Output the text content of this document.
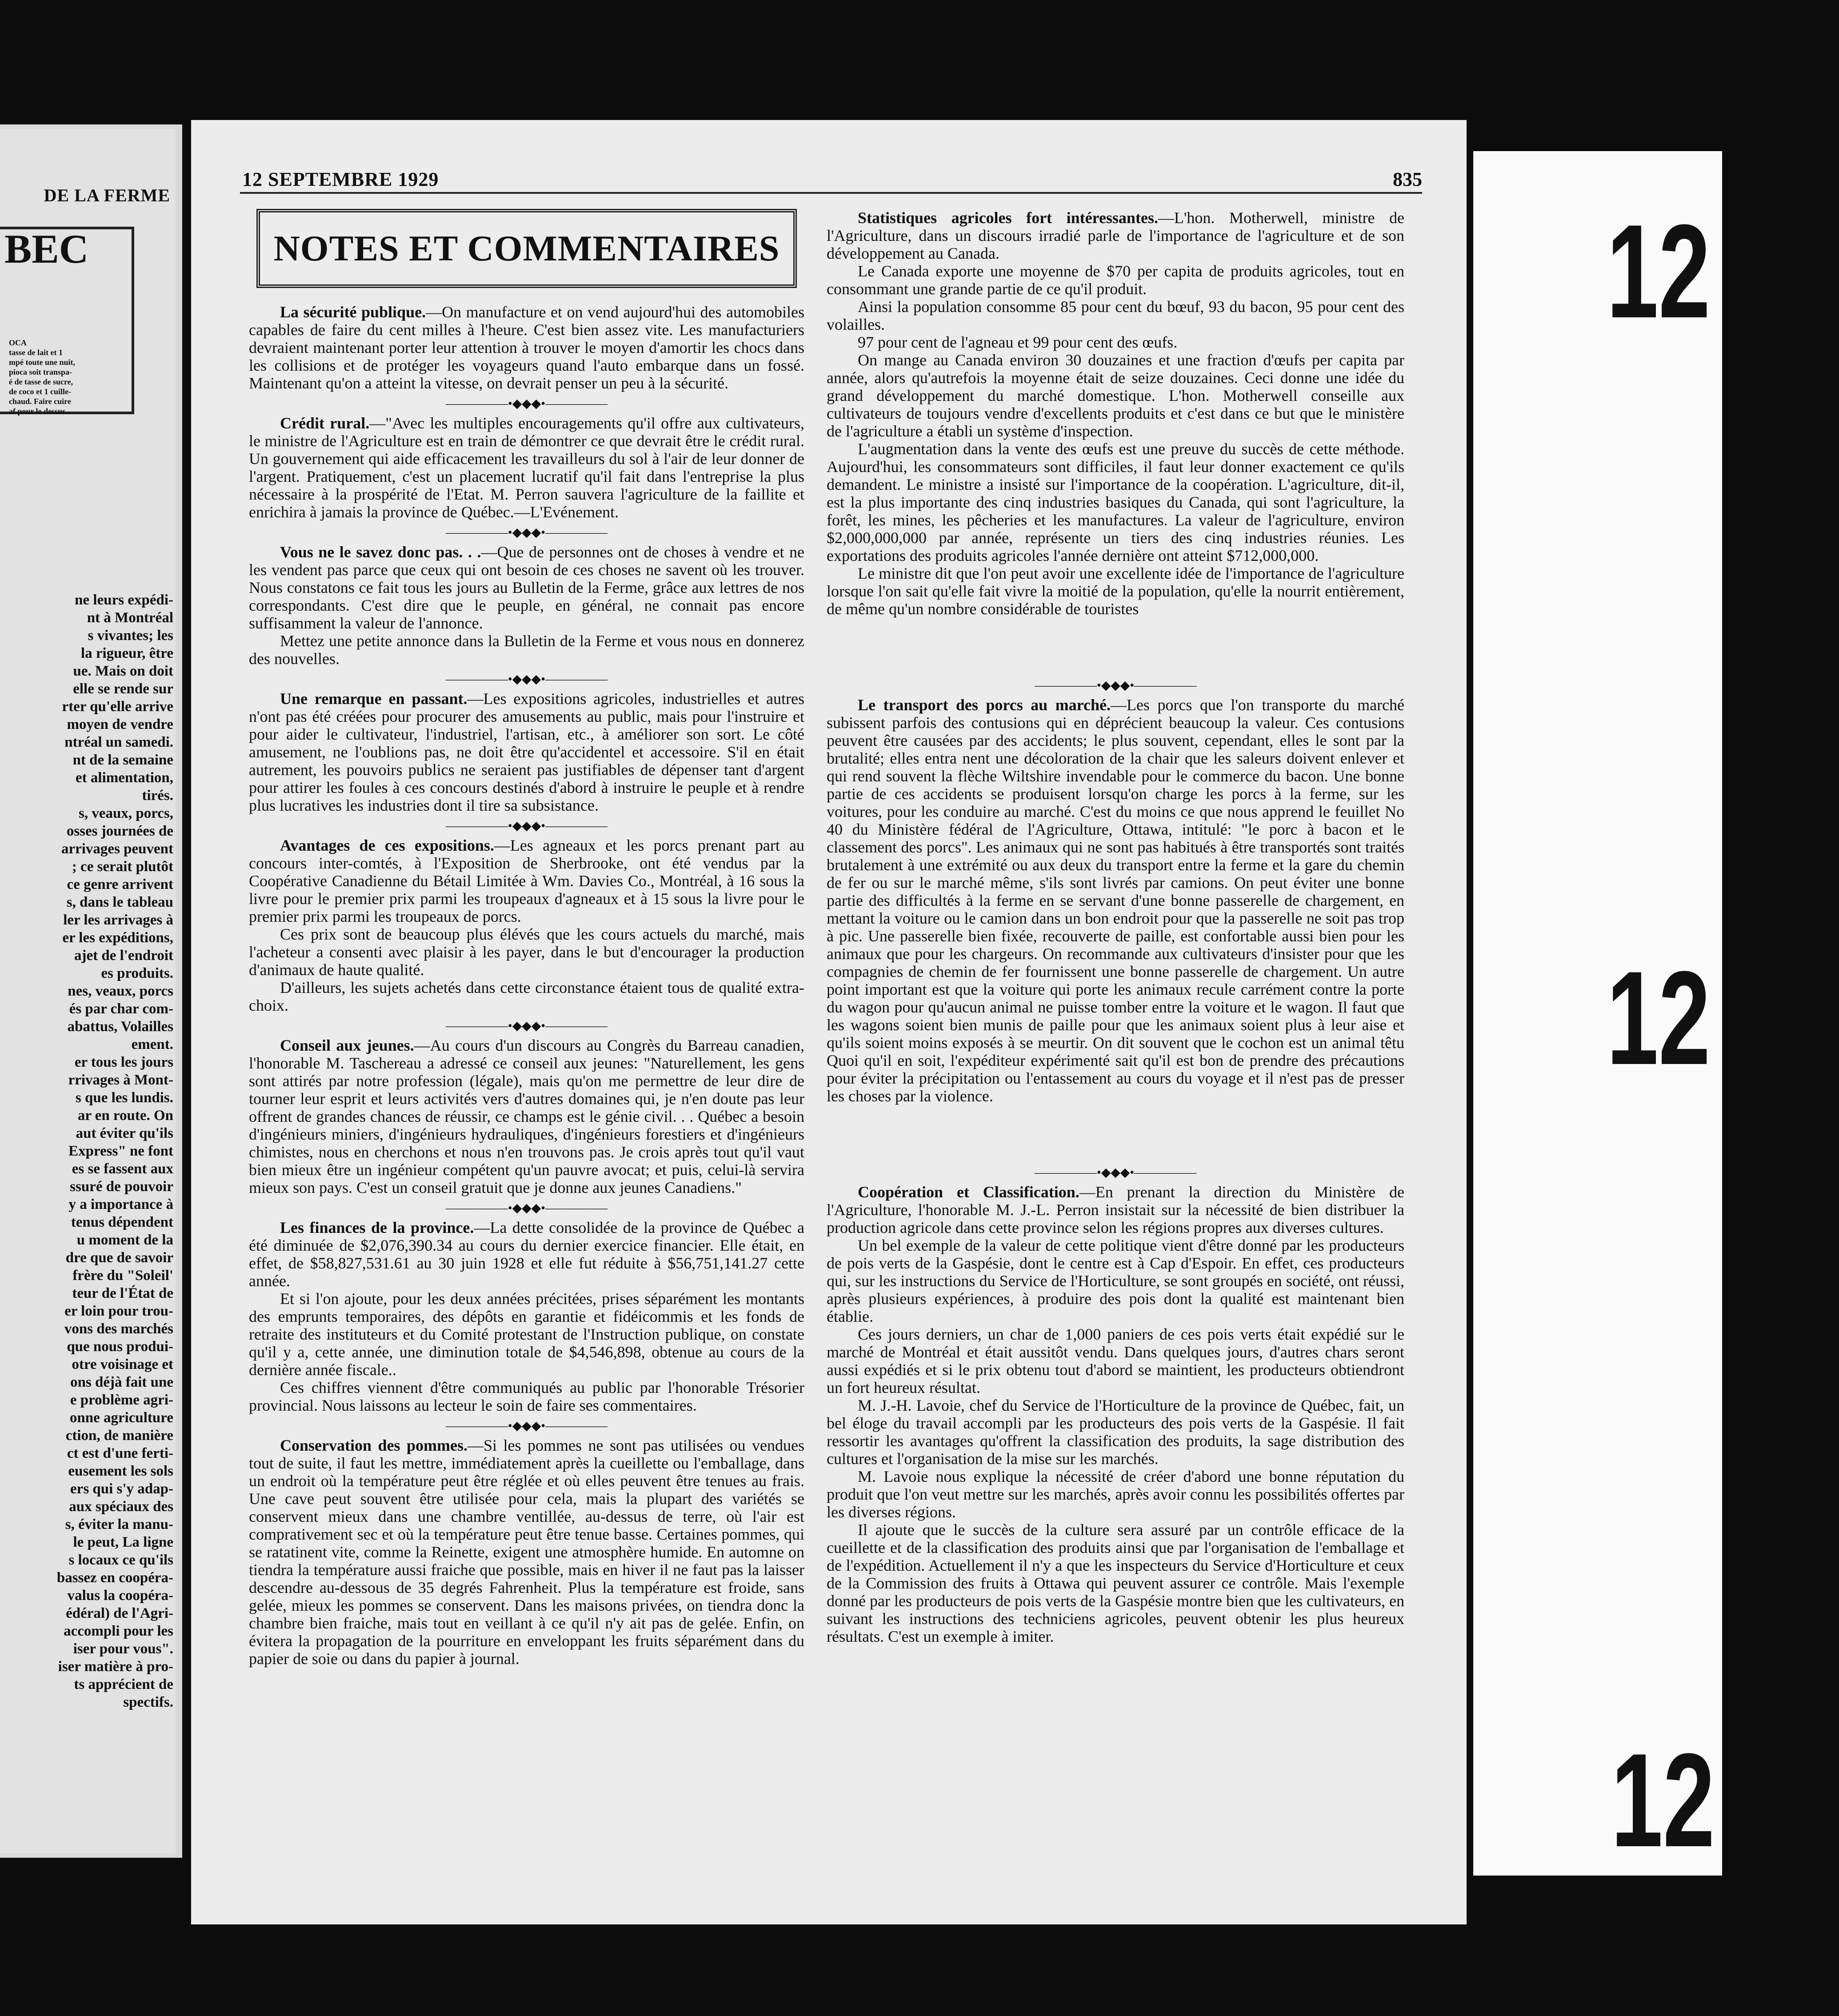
DE LA FERME
BEC
OCA
tasse de lait et 1
mpé toute une nuit,
pioca soit transpa-
é de tasse de sucre,
de coco et 1 cuille-
chaud. Faire cuire
af pour le dessus.

ne leurs expédi-

nt à Montréal

s vivantes; les

la rigueur, être

ue. Mais on doit

elle se rende sur

rter qu'elle arrive

moyen de vendre

ntréal un samedi.

nt de la semaine

et alimentation,

tirés.

s, veaux, porcs,

osses journées de

arrivages peuvent

; ce serait plutôt

ce genre arrivent

s, dans le tableau

ler les arrivages à

er les expéditions,

ajet de l'endroit

es produits.

nes, veaux, porcs

és par char com-

abattus, Volailles

ement.

er tous les jours

rrivages à Mont-

s que les lundis.

ar en route. On

aut éviter qu'ils

Express" ne font

es se fassent aux

ssuré de pouvoir

y a importance à

tenus dépendent

u moment de la

dre que de savoir

frère du "Soleil'

teur de l'État de

er loin pour trou-

vons des marchés

que nous produi-

otre voisinage et

ons déjà fait une

e problème agri-

onne agriculture

ction, de manière

ct est d'une ferti-

eusement les sols

ers qui s'y adap-

aux spéciaux des

s, éviter la manu-

le peut, La ligne

s locaux ce qu'ils

bassez en coopéra-

valus la coopéra-

édéral) de l'Agri-

accompli pour les

iser pour vous".

iser matière à pro-

ts apprécient de

spectifs.

12 SEPTEMBRE 1929	835
NOTES ET COMMENTAIRES

La sécurité publique.—On manufacture et on vend aujourd'hui des automobiles capables de faire du cent milles à l'heure. C'est bien assez vite. Les manufacturiers devraient maintenant porter leur attention à trouver le moyen d'amortir les chocs dans les collisions et de protéger les voyageurs quand l'auto embarque dans un fossé. Maintenant qu'on a atteint la vitesse, on devrait penser un peu à la sécurité.

—————•◆◆◆•—————

Crédit rural.—"Avec les multiples encouragements qu'il offre aux cultivateurs, le ministre de l'Agriculture est en train de démontrer ce que devrait être le crédit rural. Un gouvernement qui aide efficacement les travailleurs du sol à l'air de leur donner de l'argent. Pratiquement, c'est un placement lucratif qu'il fait dans l'entreprise la plus nécessaire à la prospérité de l'Etat. M. Perron sauvera l'agriculture de la faillite et enrichira à jamais la province de Québec.—L'Evénement.

—————•◆◆◆•—————

Vous ne le savez donc pas. . .—Que de personnes ont de choses à vendre et ne les vendent pas parce que ceux qui ont besoin de ces choses ne savent où les trouver. Nous constatons ce fait tous les jours au Bulletin de la Ferme, grâce aux lettres de nos correspondants. C'est dire que le peuple, en général, ne connait pas encore suffisamment la valeur de l'annonce.

Mettez une petite annonce dans la Bulletin de la Ferme et vous nous en donnerez des nouvelles.

—————•◆◆◆•—————

Une remarque en passant.—Les expositions agricoles, industrielles et autres n'ont pas été créées pour procurer des amusements au public, mais pour l'instruire et pour aider le cultivateur, l'industriel, l'artisan, etc., à améliorer son sort. Le côté amusement, ne l'oublions pas, ne doit être qu'accidentel et accessoire. S'il en était autrement, les pouvoirs publics ne seraient pas justifiables de dépenser tant d'argent pour attirer les foules à ces concours destinés d'abord à instruire le peuple et à rendre plus lucratives les industries dont il tire sa subsistance.

—————•◆◆◆•—————

Avantages de ces expositions.—Les agneaux et les porcs prenant part au concours inter-comtés, à l'Exposition de Sherbrooke, ont été vendus par la Coopérative Canadienne du Bétail Limitée à Wm. Davies Co., Montréal, à 16 sous la livre pour le premier prix parmi les troupeaux d'agneaux et à 15 sous la livre pour le premier prix parmi les troupeaux de porcs.

Ces prix sont de beaucoup plus élévés que les cours actuels du marché, mais l'acheteur a consenti avec plaisir à les payer, dans le but d'encourager la production d'animaux de haute qualité.

D'ailleurs, les sujets achetés dans cette circonstance étaient tous de qualité extra-choix.

—————•◆◆◆•—————

Conseil aux jeunes.—Au cours d'un discours au Congrès du Barreau canadien, l'honorable M. Taschereau a adressé ce conseil aux jeunes: "Naturellement, les gens sont attirés par notre profession (légale), mais qu'on me permettre de leur dire de tourner leur esprit et leurs activités vers d'autres domaines qui, je n'en doute pas leur offrent de grandes chances de réussir, ce champs est le génie civil. . . Québec a besoin d'ingénieurs miniers, d'ingénieurs hydrauliques, d'ingénieurs forestiers et d'ingénieurs chimistes, nous en cherchons et nous n'en trouvons pas. Je crois après tout qu'il vaut bien mieux être un ingénieur compétent qu'un pauvre avocat; et puis, celui-là servira mieux son pays. C'est un conseil gratuit que je donne aux jeunes Canadiens."

—————•◆◆◆•—————

Les finances de la province.—La dette consolidée de la province de Québec a été diminuée de $2,076,390.34 au cours du dernier exercice financier. Elle était, en effet, de $58,827,531.61 au 30 juin 1928 et elle fut réduite à $56,751,141.27 cette année.

Et si l'on ajoute, pour les deux années précitées, prises séparément les montants des emprunts temporaires, des dépôts en garantie et fidéicommis et les fonds de retraite des instituteurs et du Comité protestant de l'Instruction publique, on constate qu'il y a, cette année, une diminution totale de $4,546,898, obtenue au cours de la dernière année fiscale..

Ces chiffres viennent d'être communiqués au public par l'honorable Trésorier provincial. Nous laissons au lecteur le soin de faire ses commentaires.

—————•◆◆◆•—————

Conservation des pommes.—Si les pommes ne sont pas utilisées ou vendues tout de suite, il faut les mettre, immédiatement après la cueillette ou l'emballage, dans un endroit où la température peut être réglée et où elles peuvent être tenues au frais. Une cave peut souvent être utilisée pour cela, mais la plupart des variétés se conservent mieux dans une chambre ventillée, au-dessus de terre, où l'air est comprativement sec et où la température peut être tenue basse. Certaines pommes, qui se ratatinent vite, comme la Reinette, exigent une atmosphère humide. En automne on tiendra la température aussi fraiche que possible, mais en hiver il ne faut pas la laisser descendre au-dessous de 35 degrés Fahrenheit. Plus la température est froide, sans gelée, mieux les pommes se conservent. Dans les maisons privées, on tiendra donc la chambre bien fraiche, mais tout en veillant à ce qu'il n'y ait pas de gelée. Enfin, on évitera la propagation de la pourriture en enveloppant les fruits séparément dans du papier de soie ou dans du papier à journal.

Statistiques agricoles fort intéressantes.—L'hon. Motherwell, ministre de l'Agriculture, dans un discours irradié parle de l'importance de l'agriculture et de son développement au Canada.

Le Canada exporte une moyenne de $70 per capita de produits agricoles, tout en consommant une grande partie de ce qu'il produit.

Ainsi la population consomme 85 pour cent du bœuf, 93 du bacon, 95 pour cent des volailles.

97 pour cent de l'agneau et 99 pour cent des œufs.

On mange au Canada environ 30 douzaines et une fraction d'œufs per capita par année, alors qu'autrefois la moyenne était de seize douzaines. Ceci donne une idée du grand développement du marché domestique. L'hon. Motherwell conseille aux cultivateurs de toujours vendre d'excellents produits et c'est dans ce but que le ministère de l'agriculture a établi un système d'inspection.

L'augmentation dans la vente des œufs est une preuve du succès de cette méthode. Aujourd'hui, les consommateurs sont difficiles, il faut leur donner exactement ce qu'ils demandent. Le ministre a insisté sur l'importance de la coopération. L'agriculture, dit-il, est la plus importante des cinq industries basiques du Canada, qui sont l'agriculture, la forêt, les mines, les pêcheries et les manufactures. La valeur de l'agriculture, environ $2,000,000,000 par année, représente un tiers des cinq industries réunies. Les exportations des produits agricoles l'année dernière ont atteint $712,000,000.

Le ministre dit que l'on peut avoir une excellente idée de l'importance de l'agriculture lorsque l'on sait qu'elle fait vivre la moitié de la population, qu'elle la nourrit entièrement, de même qu'un nombre considérable de touristes

—————•◆◆◆•—————

Le transport des porcs au marché.—Les porcs que l'on transporte du marché subissent parfois des contusions qui en déprécient beaucoup la valeur. Ces contusions peuvent être causées par des accidents; le plus souvent, cependant, elles le sont par la brutalité; elles entra nent une décoloration de la chair que les saleurs doivent enlever et qui rend souvent la flèche Wiltshire invendable pour le commerce du bacon. Une bonne partie de ces accidents se produisent lorsqu'on charge les porcs à la ferme, sur les voitures, pour les conduire au marché. C'est du moins ce que nous apprend le feuillet No 40 du Ministère fédéral de l'Agriculture, Ottawa, intitulé: "le porc à bacon et le classement des porcs". Les animaux qui ne sont pas habitués à être transportés sont traités brutalement à une extrémité ou aux deux du transport entre la ferme et la gare du chemin de fer ou sur le marché même, s'ils sont livrés par camions. On peut éviter une bonne partie des difficultés à la ferme en se servant d'une bonne passerelle de chargement, en mettant la voiture ou le camion dans un bon endroit pour que la passerelle ne soit pas trop à pic. Une passerelle bien fixée, recouverte de paille, est confortable aussi bien pour les animaux que pour les chargeurs. On recommande aux cultivateurs d'insister pour que les compagnies de chemin de fer fournissent une bonne passerelle de chargement. Un autre point important est que la voiture qui porte les animaux recule carrément contre la porte du wagon pour qu'aucun animal ne puisse tomber entre la voiture et le wagon. Il faut que les wagons soient bien munis de paille pour que les animaux soient plus à leur aise et qu'ils soient moins exposés à se meurtir. On dit souvent que le cochon est un animal têtu Quoi qu'il en soit, l'expéditeur expérimenté sait qu'il est bon de prendre des précautions pour éviter la précipitation ou l'entassement au cours du voyage et il n'est pas de presser les choses par la violence.

—————•◆◆◆•—————

Coopération et Classification.—En prenant la direction du Ministère de l'Agriculture, l'honorable M. J.-L. Perron insistait sur la nécessité de bien distribuer la production agricole dans cette province selon les régions propres aux diverses cultures.

Un bel exemple de la valeur de cette politique vient d'être donné par les producteurs de pois verts de la Gaspésie, dont le centre est à Cap d'Espoir. En effet, ces producteurs qui, sur les instructions du Service de l'Horticulture, se sont groupés en société, ont réussi, après plusieurs expériences, à produire des pois dont la qualité est maintenant bien établie.

Ces jours derniers, un char de 1,000 paniers de ces pois verts était expédié sur le marché de Montréal et était aussitôt vendu. Dans quelques jours, d'autres chars seront aussi expédiés et si le prix obtenu tout d'abord se maintient, les producteurs obtiendront un fort heureux résultat.

M. J.-H. Lavoie, chef du Service de l'Horticulture de la province de Québec, fait, un bel éloge du travail accompli par les producteurs des pois verts de la Gaspésie. Il fait ressortir les avantages qu'offrent la classification des produits, la sage distribution des cultures et l'organisation de la mise sur les marchés.

M. Lavoie nous explique la nécessité de créer d'abord une bonne réputation du produit que l'on veut mettre sur les marchés, après avoir connu les possibilités offertes par les diverses régions.

Il ajoute que le succès de la culture sera assuré par un contrôle efficace de la cueillette et de la classification des produits ainsi que par l'organisation de l'emballage et de l'expédition. Actuellement il n'y a que les inspecteurs du Service d'Horticulture et ceux de la Commission des fruits à Ottawa qui peuvent assurer ce contrôle. Mais l'exemple donné par les producteurs de pois verts de la Gaspésie montre bien que les cultivateurs, en suivant les instructions des techniciens agricoles, peuvent obtenir les plus heureux résultats. C'est un exemple à imiter.

12
12
12
